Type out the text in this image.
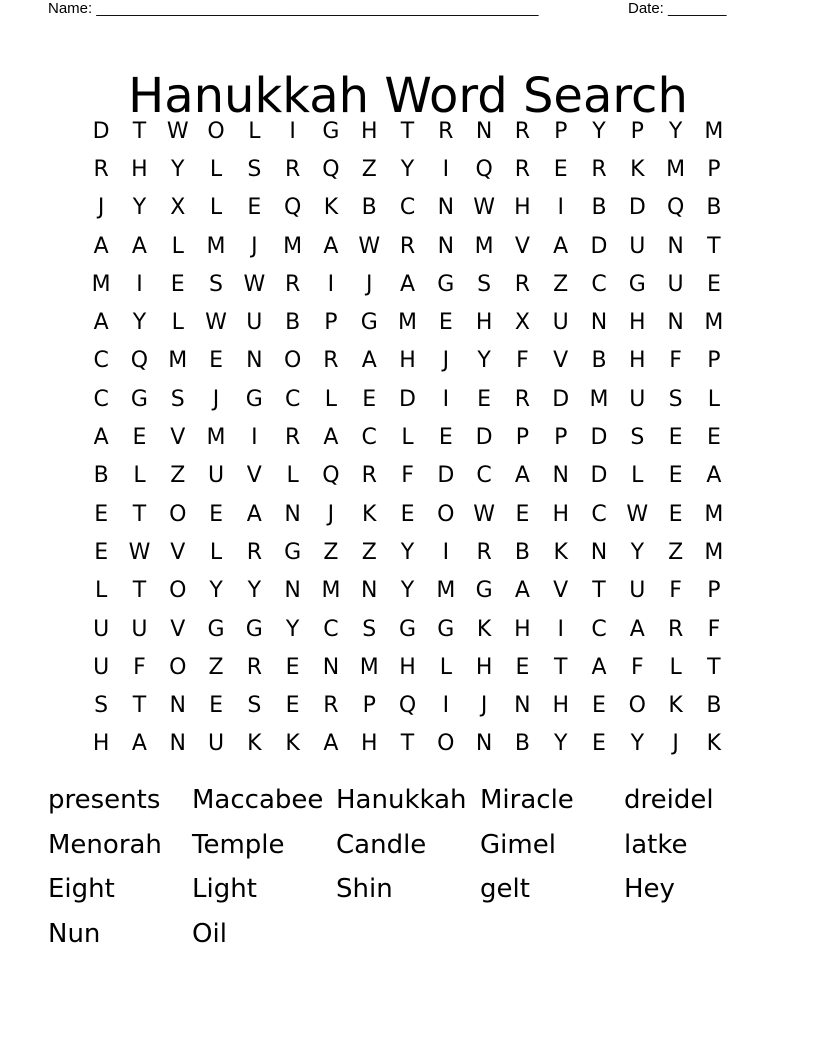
Name: _____________________________________________________	Date: _______
Hanukkah Word Search
D	T W O	L	I	G H	T	R	N	R	P	Y	P	Y	M
R	H	Y	L	S	R Q	Z	Y	I	Q R	E	R	K M	P
J	Y	X	L	E	Q	K	B	C	N W H	I	B	D Q	B
A	A	L	M	J	M A W R	N M V	A	D U	N	T
M	I	E	S W R	I	J	A	G	S	R	Z	C	G U	E
A	Y	L W U	B	P	G M E	H	X	U	N H N M
C Q M E	N O R	A	H	J	Y	F	V	B	H	F	P
C	G	S	J	G	C	L	E	D	I	E	R	D M U	S	L
A	E	V M	I	R	A	C	L	E	D	P	P	D	S	E	E
B	L	Z	U	V	L	Q R	F	D	C	A	N D	L	E	A
E	T	O	E	A	N	J	K	E	O W E	H	C W E M
E W V	L	R	G	Z	Z	Y	I	R	B	K	N	Y	Z M
L	T	O	Y	Y	N M N	Y	M G	A	V	T	U	F	P
U	U	V	G G	Y	C	S	G G	K	H	I	C	A	R	F
U	F	O	Z	R	E	N M H	L	H	E	T	A	F	L	T
S	T	N	E	S	E	R	P	Q	I	J	N H	E	O	K	B
H	A	N	U	K	K	A	H	T	O N	B	Y	E	Y	J	K
presents	Maccabee Hanukkah Miracle	dreidel
Menorah	Temple	Candle	Gimel	latke
Eight	Light	Shin	gelt	Hey
Nun	Oil
